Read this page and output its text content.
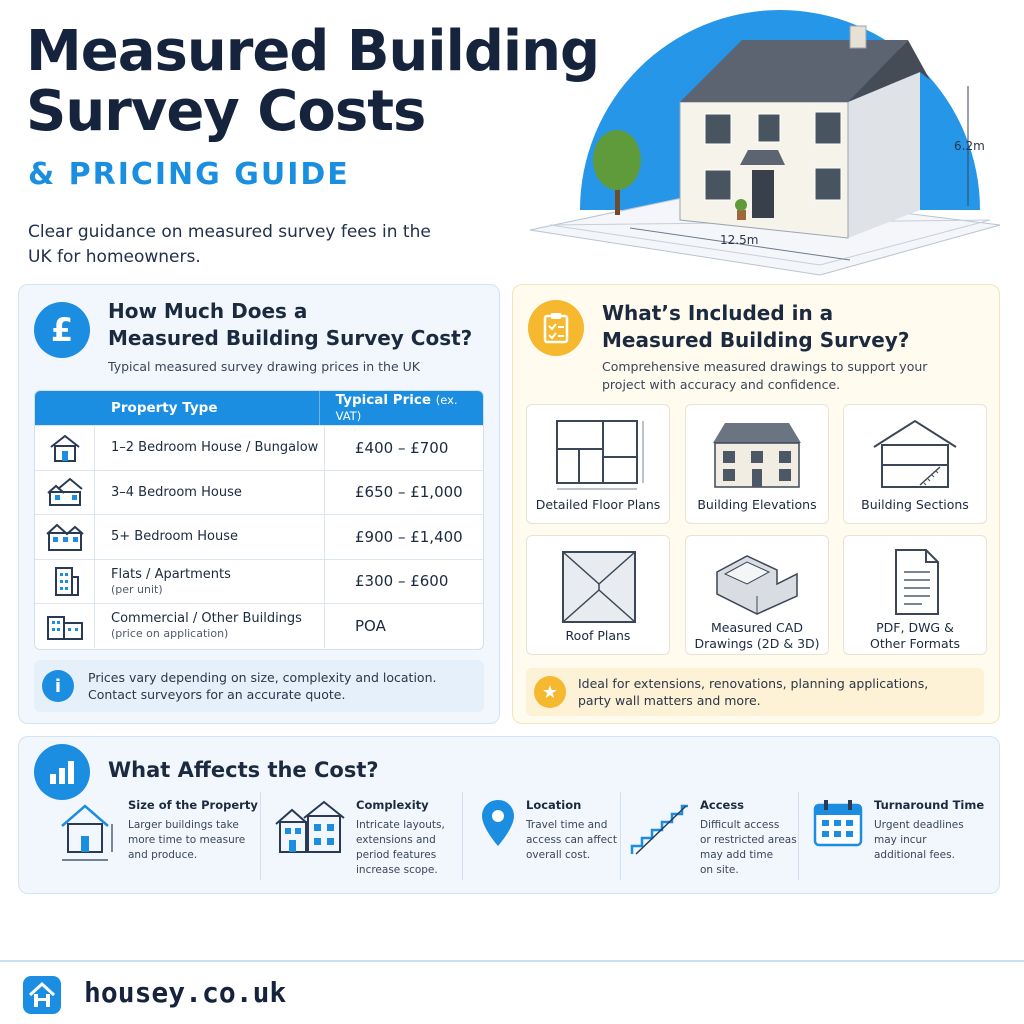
Measured Building
Survey Costs
& PRICING GUIDE
Clear guidance on measured survey fees in the UK for homeowners.
6.2m
12.5m
£ How Much Does a
Measured Building Survey Cost?
Typical measured survey drawing prices in the UK
Property Type	Typical Price (ex. VAT)
1–2 Bedroom House / Bungalow	£400 – £700
3–4 Bedroom House	£650 – £1,000
5+ Bedroom House	£900 – £1,400
Flats / Apartments
(per unit)	£300 – £600
Commercial / Other Buildings
(price on application)	POA
i	Prices vary depending on size, complexity and location.
Contact surveyors for an accurate quote.
What’s Included in a
Measured Building Survey?
Comprehensive measured drawings to support your
project with accuracy and confidence.
Detailed Floor Plans	Building Elevations	Building Sections
Roof Plans
Measured CAD
Drawings (2D & 3D)
PDF, DWG &
Other Formats
★	Ideal for extensions, renovations, planning applications,
party wall matters and more.
What Affects the Cost?
Size of the Property
Larger buildings take
more time to measure
and produce.
Complexity
Intricate layouts,
extensions and
period features
increase scope.
Location
Travel time and
access can affect
overall cost.
Access
Difficult access
or restricted areas
may add time
on site.
Turnaround Time
Urgent deadlines
may incur
additional fees.
housey.co.uk
